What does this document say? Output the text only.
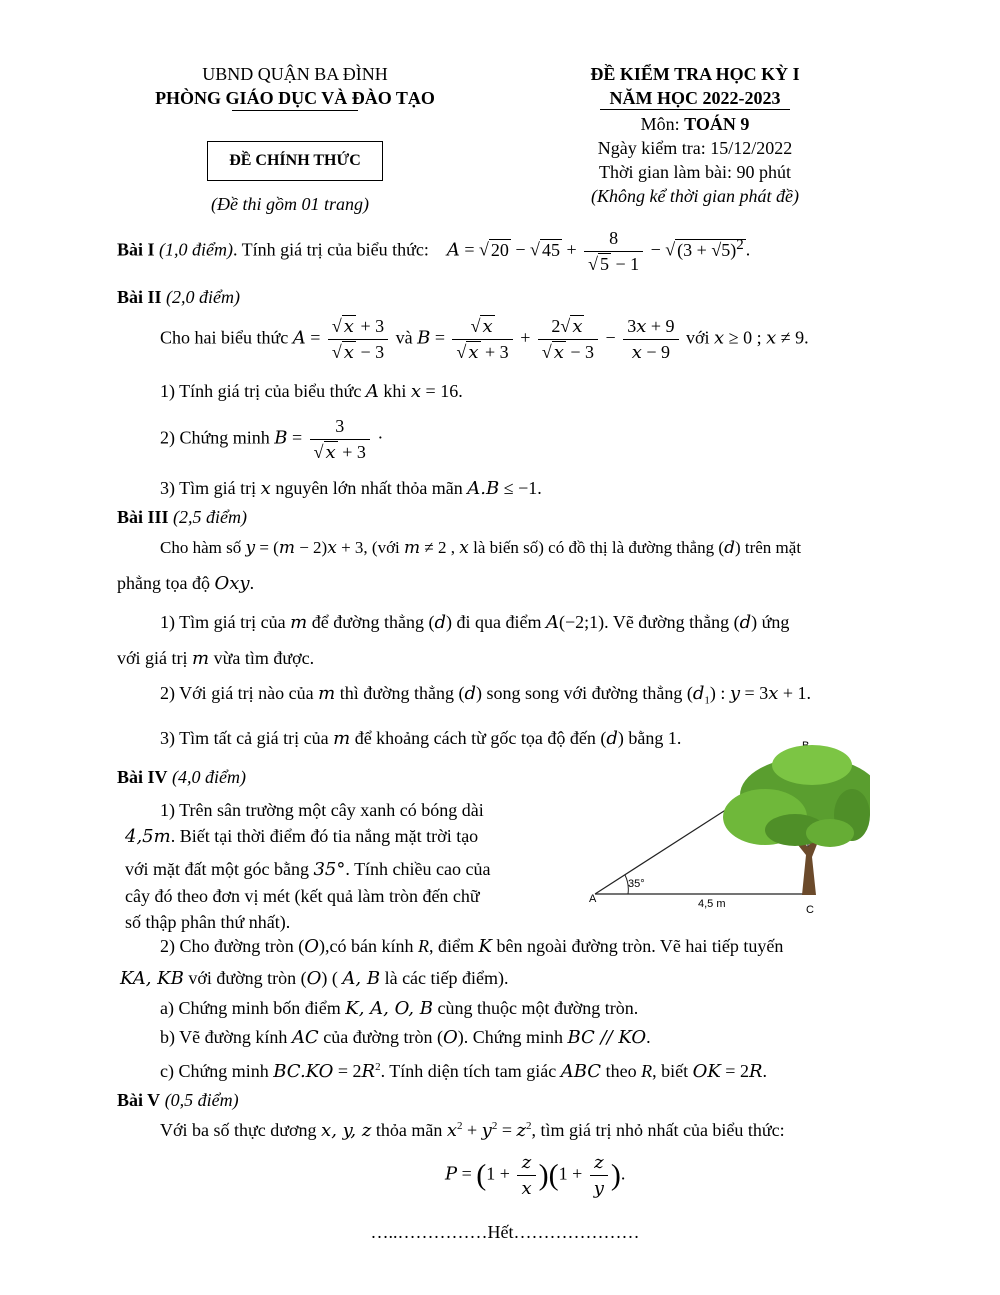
UBND QUẬN BA ĐÌNH
PHÒNG GIÁO DỤC VÀ ĐÀO TẠO
ĐỀ CHÍNH THỨC
(Đề thi gồm 01 trang)
ĐỀ KIỂM TRA HỌC KỲ I
NĂM HỌC 2022-2023
Môn: TOÁN 9
Ngày kiểm tra: 15/12/2022
Thời gian làm bài: 90 phút
(Không kể thời gian phát đề)
Bài I (1,0 điểm). Tính giá trị của biểu thức: A = √ 20 − √ $45 + \frac{8}{√ 5 - 1}$ − √ $(3 + √5)^2$ .
Bài II (2,0 điểm)
Cho hai biểu thức $A = \frac{√ x + 3}{√ x - 3}$ và $B = \frac{√ x}{√ x + 3} + \frac{2√ x}{√ x - 3} - \frac{3x + 9}{x - 9}$ với x ≥ 0 ; x ≠ 9.
1) Tính giá trị của biểu thức A khi x = 16.
2) Chứng minh $B = \frac{3}{√ x + 3}$ ·
3) Tìm giá trị x nguyên lớn nhất thỏa mãn A.B ≤ −1.
Bài III (2,5 điểm)
Cho hàm số y = (m − 2)x + 3, (với m ≠ 2 , x là biến số) có đồ thị là đường thẳng (d) trên mặt
phẳng tọa độ Oxy.
1) Tìm giá trị của m để đường thẳng (d) đi qua điểm A(−2;1). Vẽ đường thẳng (d) ứng
với giá trị m vừa tìm được.
2) Với giá trị nào của m thì đường thẳng (d) song song với đường thẳng $(d_1)$ : y = 3x + 1.
3) Tìm tất cả giá trị của m để khoảng cách từ gốc tọa độ đến (d) bằng 1.
Bài IV (4,0 điểm)
1) Trên sân trường một cây xanh có bóng dài
4,5m. Biết tại thời điểm đó tia nắng mặt trời tạo
với mặt đất một góc bằng 35°. Tính chiều cao của
cây đó theo đơn vị mét (kết quả làm tròn đến chữ
số thập phân thứ nhất).
35°
A	4,5 m	C
2) Cho đường tròn (O),có bán kính R, điểm K bên ngoài đường tròn. Vẽ hai tiếp tuyến
KA, KB với đường tròn (O) ( A, B là các tiếp điểm).
a) Chứng minh bốn điểm K, A, O, B cùng thuộc một đường tròn.
b) Vẽ đường kính AC của đường tròn (O). Chứng minh BC // KO.
c) Chứng minh $BC.KO = 2R^2$. Tính diện tích tam giác ABC theo R, biết OK = 2R.
Bài V (0,5 điểm)
Với ba số thực dương x, y, z thỏa mãn $x^2 + y^2 = z^2$, tìm giá trị nhỏ nhất của biểu thức:
$P = (1 + \frac{z}{x} )(1 + \frac{z}{y}$ ).
…..……………Hết…………………
